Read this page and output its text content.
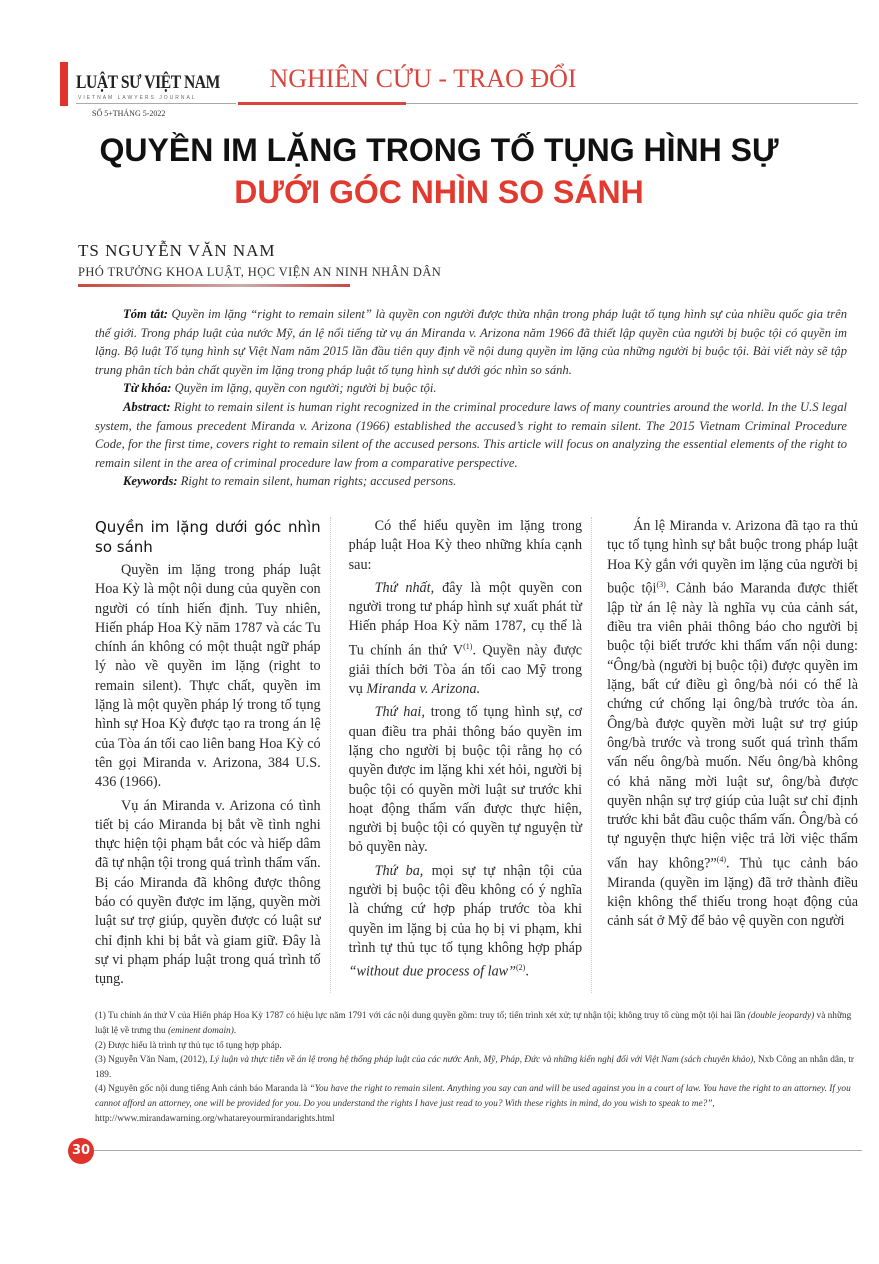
LUẬT SƯ VIỆT NAM
VIETNAM LAWYERS JOURNAL
NGHIÊN CỨU - TRAO ĐỔI
SỐ 5+THÁNG 5-2022
QUYỀN IM LẶNG TRONG TỐ TỤNG HÌNH SỰ
DƯỚI GÓC NHÌN SO SÁNH
TS NGUYỄN VĂN NAM
PHÓ TRƯỞNG KHOA LUẬT, HỌC VIỆN AN NINH NHÂN DÂN

Tóm tắt: Quyền im lặng “right to remain silent” là quyền con người được thừa nhận trong pháp luật tố tụng hình sự của nhiều quốc gia trên thế giới. Trong pháp luật của nước Mỹ, án lệ nổi tiếng từ vụ án Miranda v. Arizona năm 1966 đã thiết lập quyền của người bị buộc tội có quyền im lặng. Bộ luật Tố tụng hình sự Việt Nam năm 2015 lần đầu tiên quy định về nội dung quyền im lặng của những người bị buộc tội. Bài viết này sẽ tập trung phân tích bản chất quyền im lặng trong pháp luật tố tụng hình sự dưới góc nhìn so sánh.

Từ khóa: Quyền im lặng, quyền con người; người bị buộc tội.

Abstract: Right to remain silent is human right recognized in the criminal procedure laws of many countries around the world. In the U.S legal system, the famous precedent Miranda v. Arizona (1966) established the accused’s right to remain silent. The 2015 Vietnam Criminal Procedure Code, for the first time, covers right to remain silent of the accused persons. This article will focus on analyzing the essential elements of the right to remain silent in the area of criminal procedure law from a comparative perspective.

Keywords: Right to remain silent, human rights; accused persons.

Quyền im lặng dưới góc nhìn so sánh

Quyền im lặng trong pháp luật Hoa Kỳ là một nội dung của quyền con người có tính hiến định. Tuy nhiên, Hiến pháp Hoa Kỳ năm 1787 và các Tu chính án không có một thuật ngữ pháp lý nào về quyền im lặng (right to remain silent). Thực chất, quyền im lặng là một quyền pháp lý trong tố tụng hình sự Hoa Kỳ được tạo ra trong án lệ của Tòa án tối cao liên bang Hoa Kỳ có tên gọi Miranda v. Arizona, 384 U.S. 436 (1966).

Vụ án Miranda v. Arizona có tình tiết bị cáo Miranda bị bắt về tình nghi thực hiện tội phạm bắt cóc và hiếp dâm đã tự nhận tội trong quá trình thẩm vấn. Bị cáo Miranda đã không được thông báo có quyền được im lặng, quyền mời luật sư trợ giúp, quyền được có luật sư chỉ định khi bị bắt và giam giữ. Đây là sự vi phạm pháp luật trong quá trình tố tụng.

Có thể hiểu quyền im lặng trong pháp luật Hoa Kỳ theo những khía cạnh sau:

Thứ nhất, đây là một quyền con người trong tư pháp hình sự xuất phát từ Hiến pháp Hoa Kỳ năm 1787, cụ thể là Tu chính án thứ $V^{(1)}$. Quyền này được giải thích bởi Tòa án tối cao Mỹ trong vụ Miranda v. Arizona.

Thứ hai, trong tố tụng hình sự, cơ quan điều tra phải thông báo quyền im lặng cho người bị buộc tội rằng họ có quyền được im lặng khi xét hỏi, người bị buộc tội có quyền mời luật sư trước khi hoạt động thẩm vấn được thực hiện, người bị buộc tội có quyền tự nguyện từ bỏ quyền này.

Thứ ba, mọi sự tự nhận tội của người bị buộc tội đều không có ý nghĩa là chứng cứ hợp pháp trước tòa khi quyền im lặng bị của họ bị vi phạm, khi trình tự thủ tục tố tụng không hợp pháp “without due process of law”$^{(2)}$.

Án lệ Miranda v. Arizona đã tạo ra thủ tục tố tụng hình sự bắt buộc trong pháp luật Hoa Kỳ gắn với quyền im lặng của người bị buộc tội$^{(3)}$. Cảnh báo Maranda được thiết lập từ án lệ này là nghĩa vụ của cảnh sát, điều tra viên phải thông báo cho người bị buộc tội biết trước khi thẩm vấn nội dung: “Ông/bà (người bị buộc tội) được quyền im lặng, bất cứ điều gì ông/bà nói có thể là chứng cứ chống lại ông/bà trước tòa án. Ông/bà được quyền mời luật sư trợ giúp ông/bà trước và trong suốt quá trình thẩm vấn nếu ông/bà muốn. Nếu ông/bà không có khả năng mời luật sư, ông/bà được quyền nhận sự trợ giúp của luật sư chỉ định trước khi bắt đầu cuộc thẩm vấn. Ông/bà có tự nguyện thực hiện việc trả lời việc thẩm vấn hay không?”$^{(4)}$. Thủ tục cảnh báo Miranda (quyền im lặng) đã trở thành điều kiện không thể thiếu trong hoạt động của cảnh sát ở Mỹ để bảo vệ quyền con người

(1) Tu chính án thứ V của Hiến pháp Hoa Kỳ 1787 có hiệu lực năm 1791 với các nội dung quyền gồm: truy tố; tiến trình xét xử; tự nhận tội; không truy tố cùng một tội hai lần (double jeopardy) và những luật lệ về trưng thu (eminent domain).

(2) Được hiểu là trình tự thủ tục tố tụng hợp pháp.

(3) Nguyễn Văn Nam, (2012), Lý luận và thực tiễn về án lệ trong hệ thống pháp luật của các nước Anh, Mỹ, Pháp, Đức và những kiến nghị đối với Việt Nam (sách chuyên khảo), Nxb Công an nhân dân, tr 189.

(4) Nguyên gốc nội dung tiếng Anh cảnh báo Maranda là “You have the right to remain silent. Anything you say can and will be used against you in a court of law. You have the right to an attorney. If you cannot afford an attorney, one will be provided for you. Do you understand the rights I have just read to you? With these rights in mind, do you wish to speak to me?”, http://www.mirandawarning.org/whatareyourmirandarights.html

30
